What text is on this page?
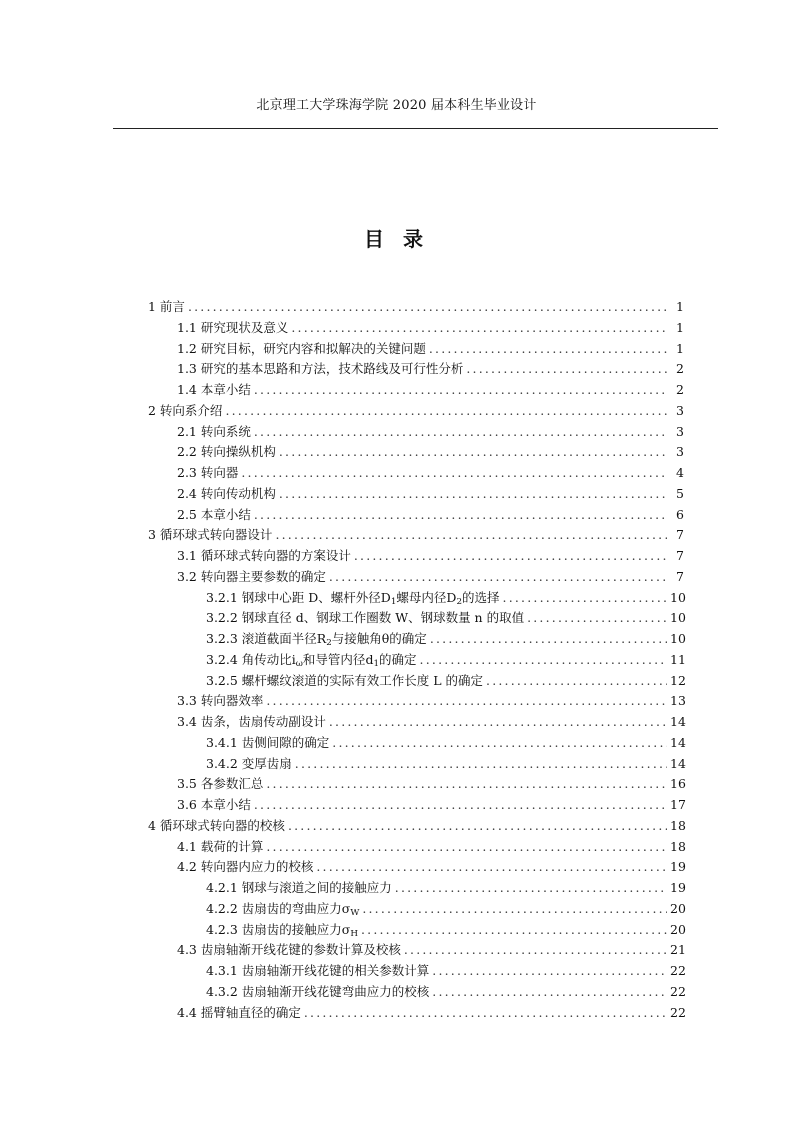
北京理工大学珠海学院 2020 届本科生毕业设计
目 录
1 前言 .....	1
1.1 研究现状及意义 .....	1
1.2 研究目标，研究内容和拟解决的关键问题 .....	1
1.3 研究的基本思路和方法，技术路线及可行性分析 .....	2
1.4 本章小结 .....	2
2 转向系介绍 .....	3
2.1 转向系统 .....	3
2.2 转向操纵机构 .....	3
2.3 转向器 .....	4
2.4 转向传动机构 .....	5
2.5 本章小结 .....	6
3 循环球式转向器设计 .....	7
3.1 循环球式转向器的方案设计 .....	7
3.2 转向器主要参数的确定 .....	7
3.2.1 钢球中心距 D、螺杆外径$D_1$螺母内径$D_2$的选择 .....	10
3.2.2 钢球直径 d、钢球工作圈数 W、钢球数量 n 的取值 .....	10
3.2.3 滚道截面半径$R_2$与接触角θ的确定 .....	10
3.2.4 角传动比$i_\omega$和导管内径$d_1$的确定 .....	11
3.2.5 螺杆螺纹滚道的实际有效工作长度 L 的确定 .....	12
3.3 转向器效率 .....	13
3.4 齿条，齿扇传动副设计 .....	14
3.4.1 齿侧间隙的确定 .....	14
3.4.2 变厚齿扇 .....	14
3.5 各参数汇总 .....	16
3.6 本章小结 .....	17
4 循环球式转向器的校核 .....	18
4.1 载荷的计算 .....	18
4.2 转向器内应力的校核 .....	19
4.2.1 钢球与滚道之间的接触应力 .....	19
4.2.2 齿扇齿的弯曲应力$\sigma_W$ .....	20
4.2.3 齿扇齿的接触应力$\sigma_H$ .....	20
4.3 齿扇轴渐开线花键的参数计算及校核 .....	21
4.3.1 齿扇轴渐开线花键的相关参数计算 .....	22
4.3.2 齿扇轴渐开线花键弯曲应力的校核 .....	22
4.4 摇臂轴直径的确定 .....	22
